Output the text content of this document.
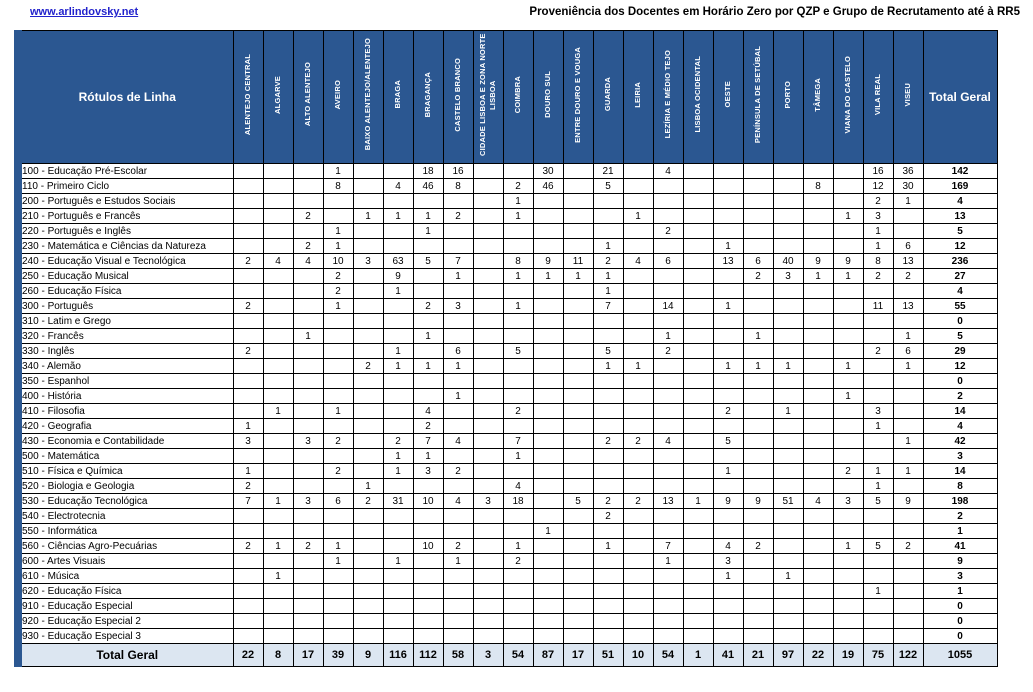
www.arlindovsky.net	Proveniência dos Docentes em Horário Zero por QZP e Grupo de Recrutamento até à RR5
Rótulos de Linha	ALENTEJO CENTRAL	ALGARVE	ALTO ALENTEJO	AVEIRO	BAIXO ALENTEJO/ALENTEJO	BRAGA	BRAGANÇA	CASTELO BRANCO	CIDADE LISBOA E ZONA NORTE LISBOA	COIMBRA	DOURO SUL	ENTRE DOURO E VOUGA	GUARDA	LEIRIA	LEZÍRIA E MÉDIO TEJO	LISBOA OCIDENTAL	OESTE	PENÍNSULA DE SETÚBAL	PORTO	TÂMEGA	VIANA DO CASTELO	VILA REAL	VISEU	Total Geral
100 - Educação Pré-Escolar				1			18	16			30		21		4							16	36	142
110 - Primeiro Ciclo				8		4	46	8		2	46		5							8		12	30	169
200 - Português e Estudos Sociais										1												2	1	4
210 - Português e Francês			2		1	1	1	2		1				1							1	3		13
220 - Português e Inglês				1			1								2							1		5
230 - Matemática e Ciências da Natureza			2	1									1				1					1	6	12
240 - Educação Visual e Tecnológica	2	4	4	10	3	63	5	7		8	9	11	2	4	6		13	6	40	9	9	8	13	236
250 - Educação Musical				2		9		1		1	1	1	1					2	3	1	1	2	2	27
260 - Educação Física				2		1							1											4
300 - Português	2			1			2	3		1			7		14		1					11	13	55
310 - Latim e Grego																								0
320 - Francês			1				1								1			1					1	5
330 - Inglês	2					1		6		5			5		2							2	6	29
340 - Alemão					2	1	1	1					1	1			1	1	1		1		1	12
350 - Espanhol																								0
400 - História								1													1			2
410 - Filosofia		1		1			4			2							2		1			3		14
420 - Geografia	1						2															1		4
430 - Economia e Contabilidade	3		3	2		2	7	4		7			2	2	4		5						1	42
500 - Matemática						1	1			1														3
510 - Física e Química	1			2		1	3	2									1				2	1	1	14
520 - Biologia e Geologia	2				1					4												1		8
530 - Educação Tecnológica	7	1	3	6	2	31	10	4	3	18		5	2	2	13	1	9	9	51	4	3	5	9	198
540 - Electrotecnia													2											2
550 - Informática											1													1
560 - Ciências Agro-Pecuárias	2	1	2	1			10	2		1			1		7		4	2			1	5	2	41
600 - Artes Visuais				1		1		1		2					1		3							9
610 - Música		1															1		1					3
620 - Educação Física																						1		1
910 - Educação Especial																								0
920 - Educação Especial 2																								0
930 - Educação Especial 3																								0
Total Geral	22	8	17	39	9	116	112	58	3	54	87	17	51	10	54	1	41	21	97	22	19	75	122	1055
